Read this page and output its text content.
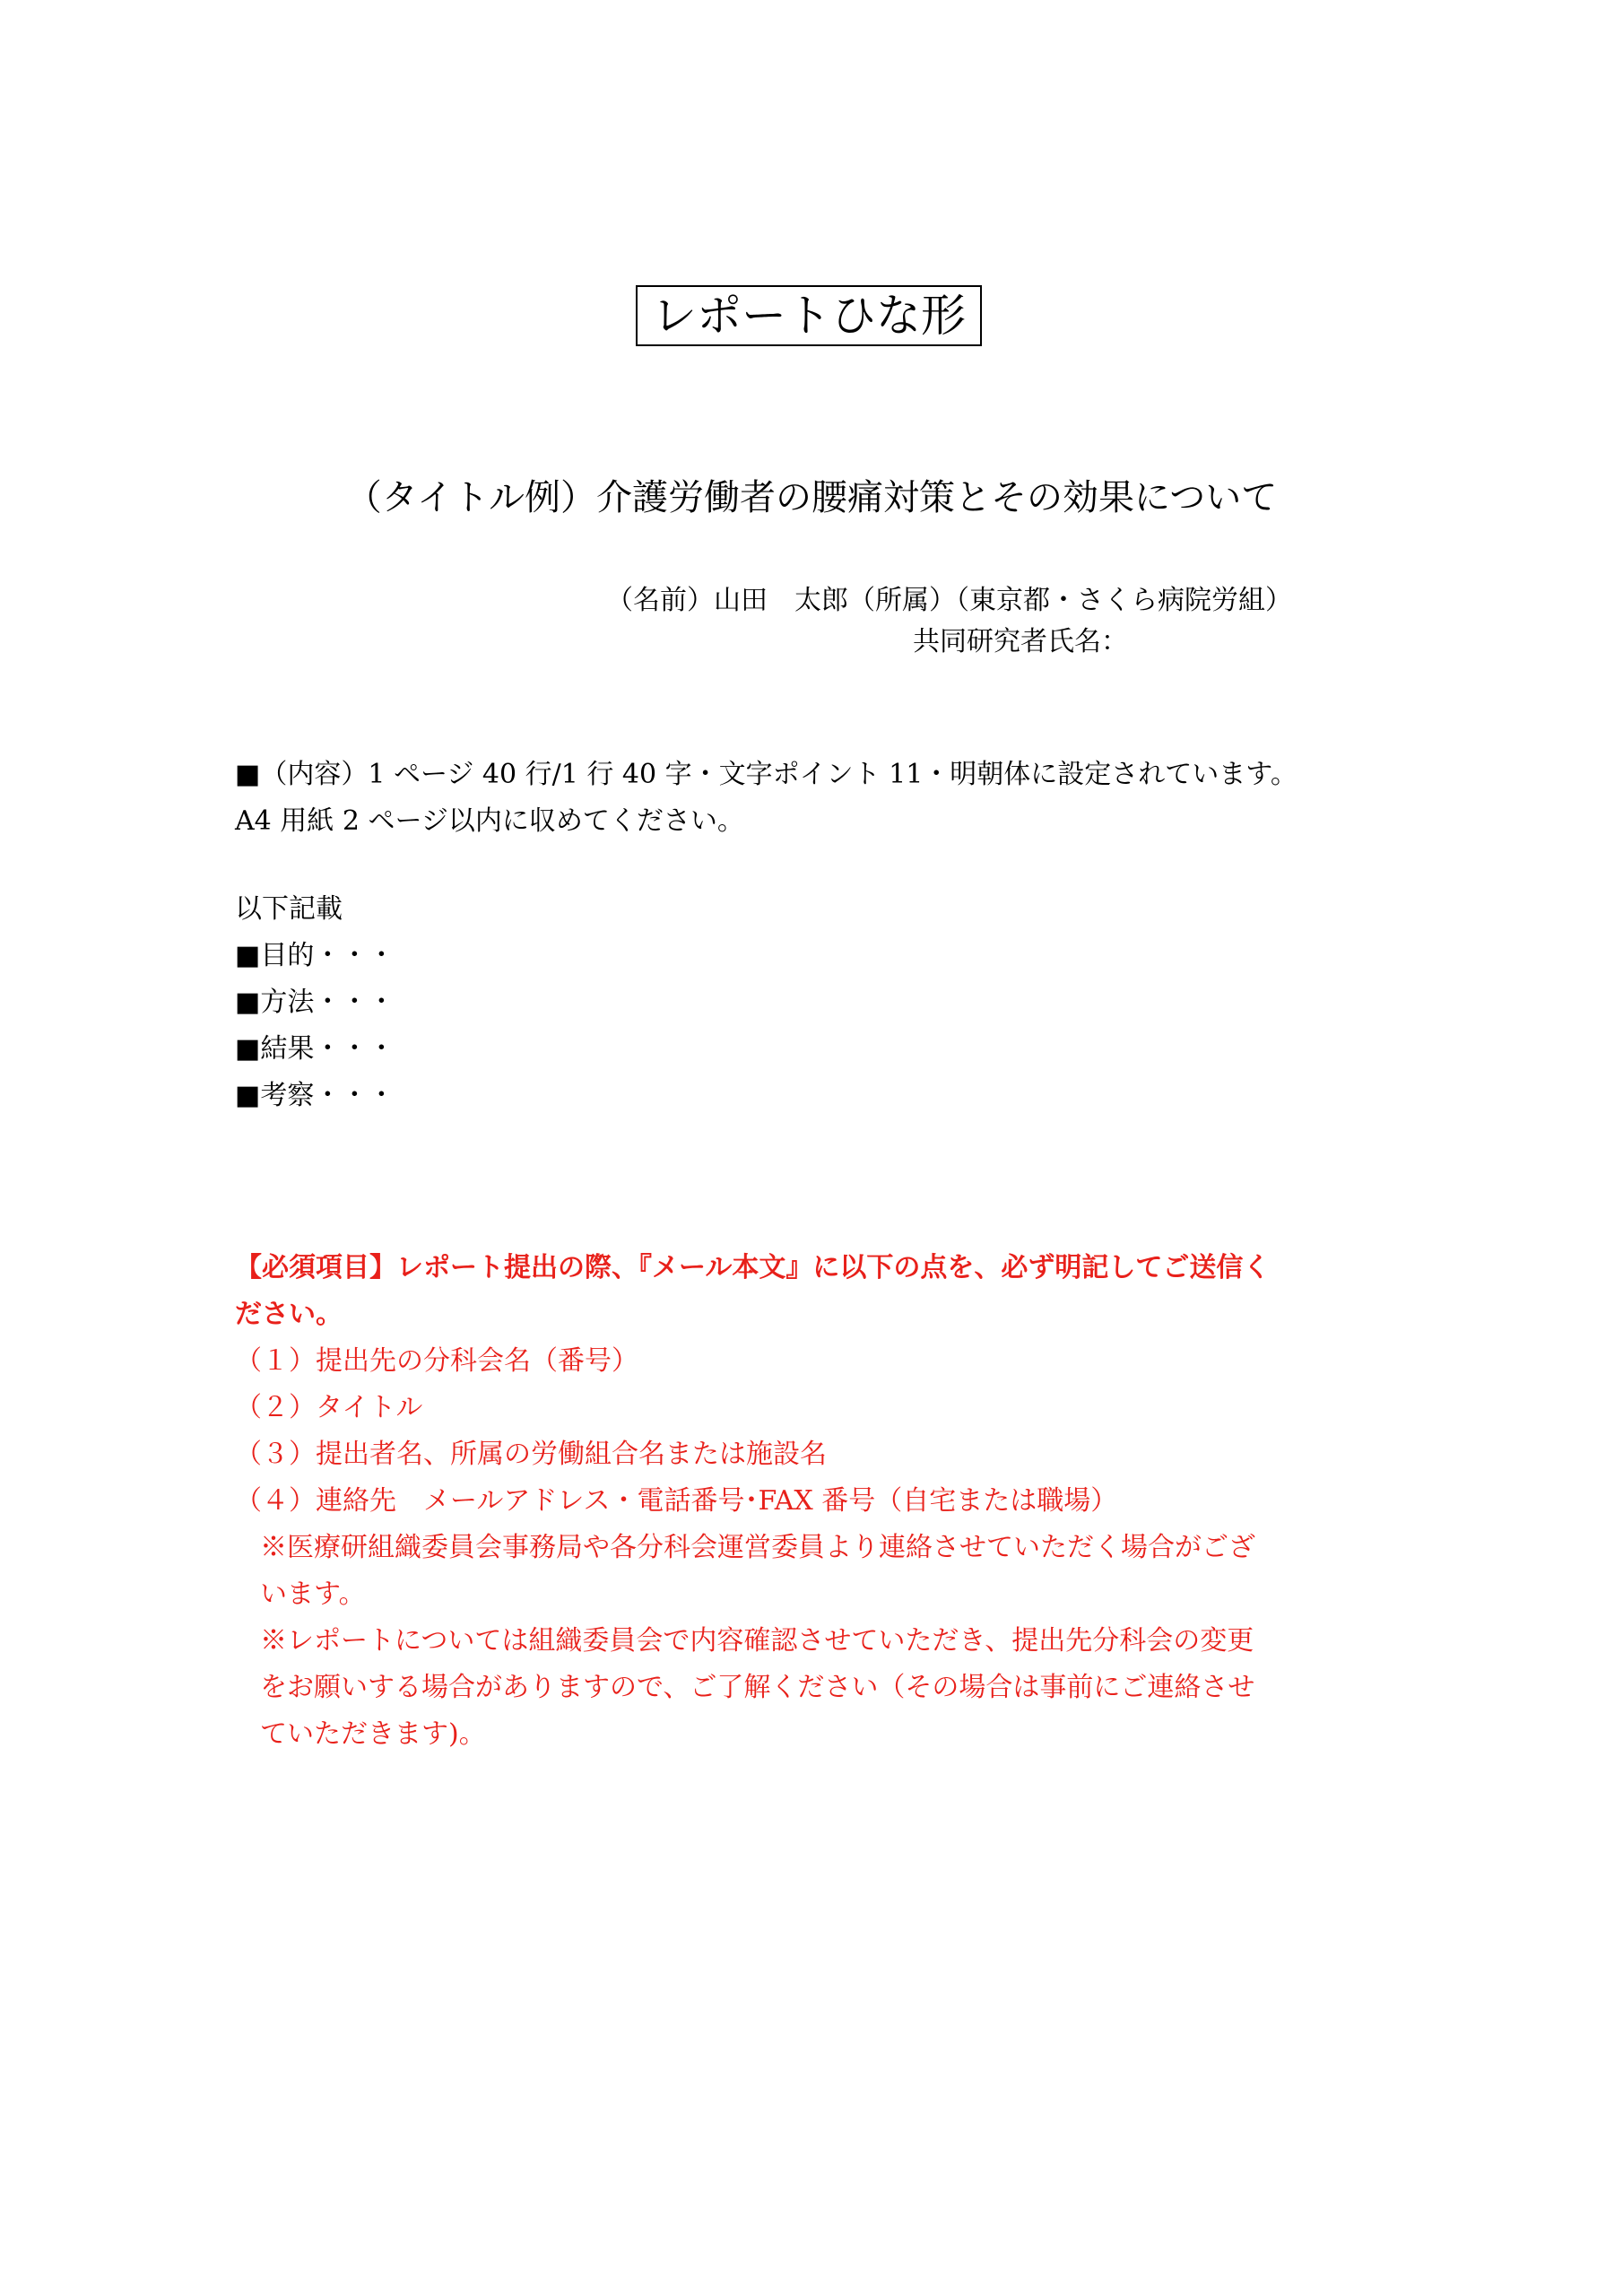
レポートひな形
（タイトル例）介護労働者の腰痛対策とその効果について
（名前）山田　太郎（所属）（東京都・さくら病院労組）
共同研究者氏名：
■（内容）1 ページ 40 行/1 行 40 字・文字ポイント 11・明朝体に設定されています。
A4 用紙 2 ページ以内に収めてください。
以下記載
■目的・・・
■方法・・・
■結果・・・
■考察・・・
【必須項目】レポート提出の際、『メール本文』に以下の点を、必ず明記してご送信く
ださい。
（１）提出先の分科会名（番号）
（２）タイトル
（３）提出者名、所属の労働組合名または施設名
（４）連絡先　メールアドレス・電話番号･FAX 番号（自宅または職場）
※医療研組織委員会事務局や各分科会運営委員より連絡させていただく場合がござ
います。
※レポートについては組織委員会で内容確認させていただき、提出先分科会の変更
をお願いする場合がありますので、ご了解ください（その場合は事前にご連絡させ
ていただきます)。
